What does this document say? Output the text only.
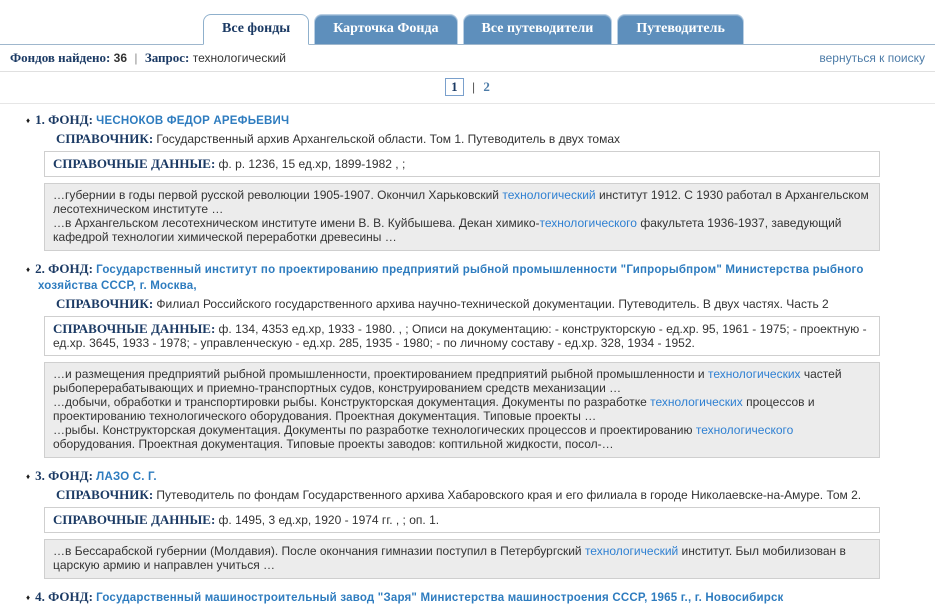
Все фонды	Карточка Фонда	Все путеводители	Путеводитель
Фондов найдено: 36 | Запрос: технологический	вернуться к поиску
1 | 2
♦ 1. ФОНД: ЧЕСНОКОВ ФЕДОР АРЕФЬЕВИЧ
СПРАВОЧНИК: Государственный архив Архангельской области. Том 1. Путеводитель в двух томах
СПРАВОЧНЫЕ ДАННЫЕ: ф. р. 1236, 15 ед.хр, 1899-1982 , ;
…губернии в годы первой русской революции 1905-1907. Окончил Харьковский технологический институт 1912. С 1930 работал в Архангельском лесотехническом институте …
…в Архангельском лесотехническом институте имени В. В. Куйбышева. Декан химико-технологического факультета 1936-1937, заведующий кафедрой технологии химической переработки древесины …
♦ 2. ФОНД: Государственный институт по проектированию предприятий рыбной промышленности "Гипрорыбпром" Министерства рыбного хозяйства СССР, г. Москва,
СПРАВОЧНИК: Филиал Российского государственного архива научно-технической документации. Путеводитель. В двух частях. Часть 2
СПРАВОЧНЫЕ ДАННЫЕ: ф. 134, 4353 ед.хр, 1933 - 1980. , ; Описи на документацию: - конструкторскую - ед.хр. 95, 1961 - 1975; - проектную - ед.хр. 3645, 1933 - 1978; - управленческую - ед.хр. 285, 1935 - 1980; - по личному составу - ед.хр. 328, 1934 - 1952.
…и размещения предприятий рыбной промышленности, проектированием предприятий рыбной промышленности и технологических частей рыбоперерабатывающих и приемно-транспортных судов, конструированием средств механизации …
…добычи, обработки и транспортировки рыбы. Конструкторская документация. Документы по разработке технологических процессов и проектированию технологического оборудования. Проектная документация. Типовые проекты …
…рыбы. Конструкторская документация. Документы по разработке технологических процессов и проектированию технологического оборудования. Проектная документация. Типовые проекты заводов: коптильной жидкости, посол-…
♦ 3. ФОНД: ЛАЗО С. Г.
СПРАВОЧНИК: Путеводитель по фондам Государственного архива Хабаровского края и его филиала в городе Николаевске-на-Амуре. Том 2.
СПРАВОЧНЫЕ ДАННЫЕ: ф. 1495, 3 ед.хр, 1920 - 1974 гг. , ; оп. 1.
…в Бессарабской губернии (Молдавия). После окончания гимназии поступил в Петербургский технологический институт. Был мобилизован в царскую армию и направлен учиться …
♦ 4. ФОНД: Государственный машиностроительный завод "Заря" Министерства машиностроения СССР, 1965 г., г. Новосибирск
